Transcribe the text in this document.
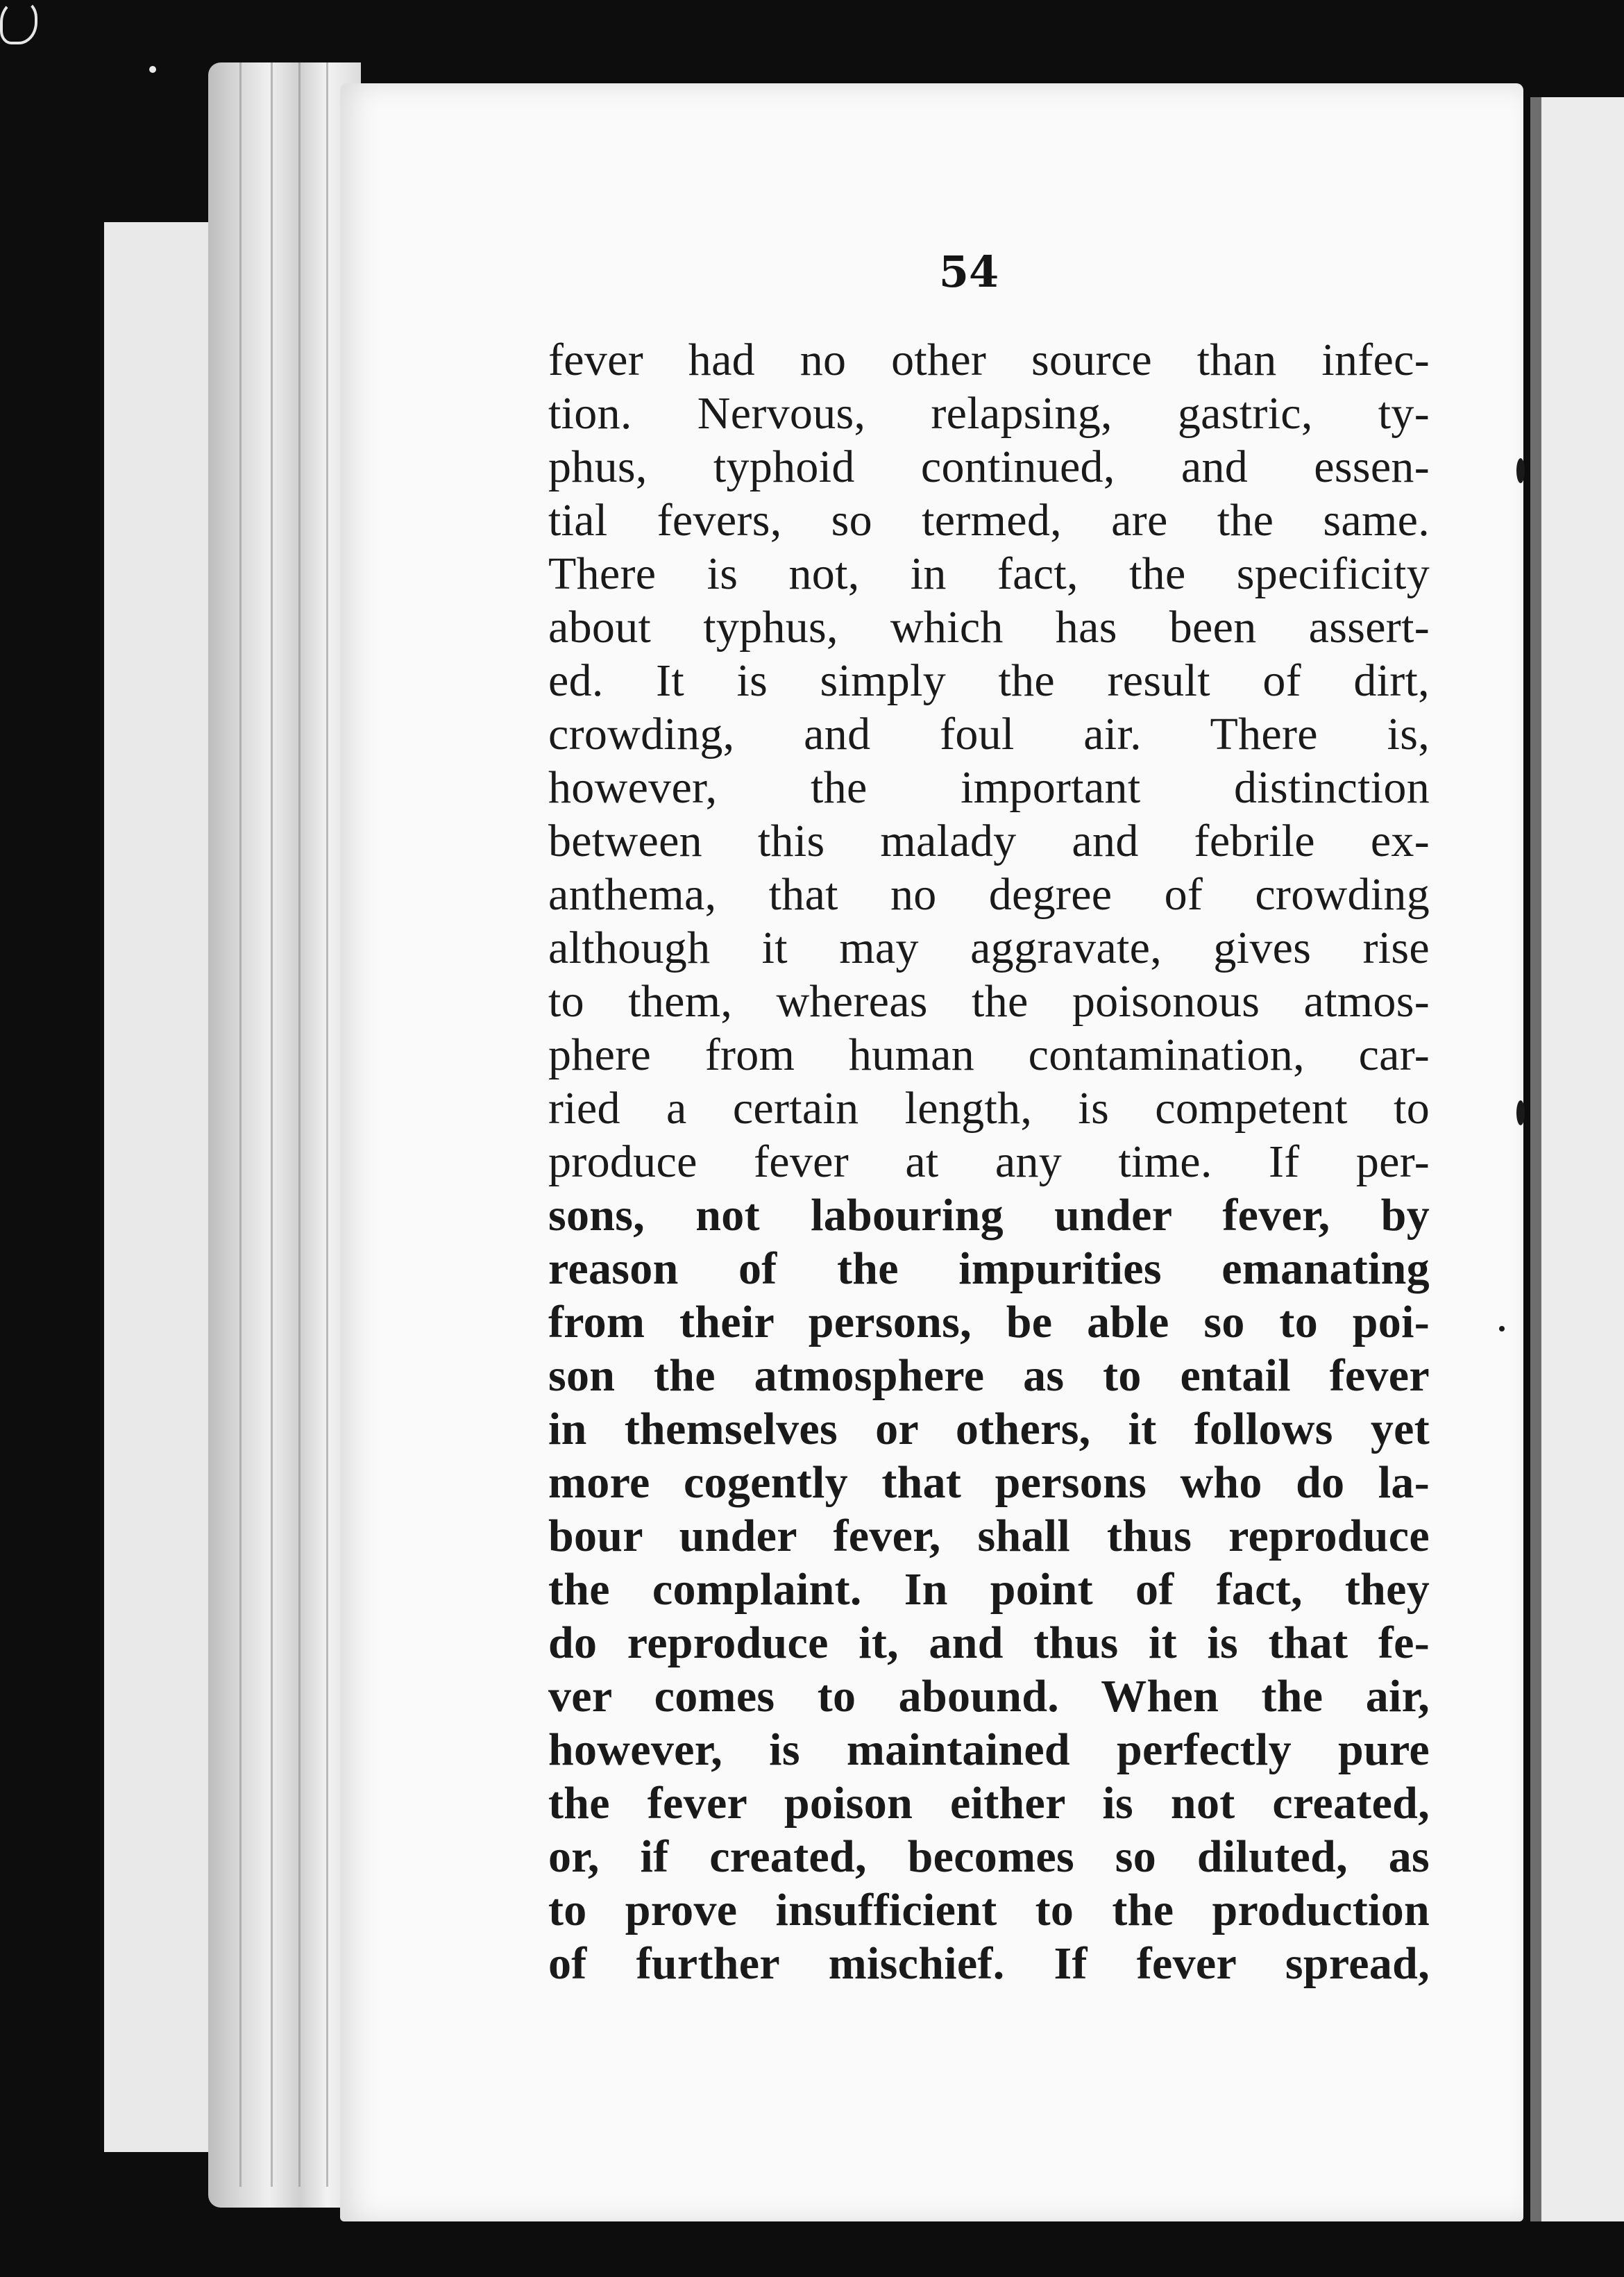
54
fever had no other source than infec-
tion. Nervous, relapsing, gastric, ty-
phus, typhoid continued, and essen-
tial fevers, so termed, are the same.
There is not, in fact, the specificity
about typhus, which has been assert-
ed. It is simply the result of dirt,
crowding, and foul air. There is,
however, the important distinction
between this malady and febrile ex-
anthema, that no degree of crowding
although it may aggravate, gives rise
to them, whereas the poisonous atmos-
phere from human contamination, car-
ried a certain length, is competent to
produce fever at any time. If per-
sons, not labouring under fever, by
reason of the impurities emanating
from their persons, be able so to poi-
son the atmosphere as to entail fever
in themselves or others, it follows yet
more cogently that persons who do la-
bour under fever, shall thus reproduce
the complaint. In point of fact, they
do reproduce it, and thus it is that fe-
ver comes to abound. When the air,
however, is maintained perfectly pure
the fever poison either is not created,
or, if created, becomes so diluted, as
to prove insufficient to the production
of further mischief. If fever spread,
